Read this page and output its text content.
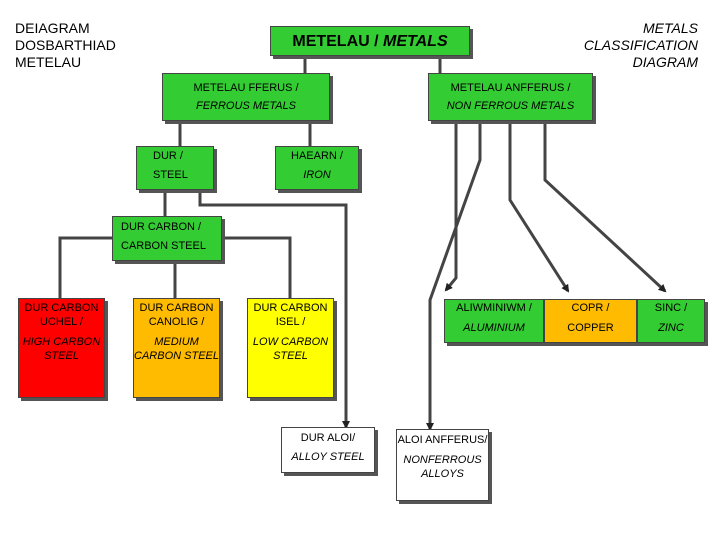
DEIAGRAM
DOSBARTHIAD
METELAU
METALS
CLASSIFICATION
DIAGRAM
METELAU / METALS
METELAU FFERUS /
FERROUS METALS
METELAU ANFFERUS /
NON FERROUS METALS
DUR /
STEEL
HAEARN /
IRON
DUR CARBON /
CARBON STEEL
DUR CARBON UCHEL /
HIGH CARBON STEEL
DUR CARBON CANOLIG /
MEDIUM CARBON STEEL
DUR CARBON ISEL /
LOW CARBON STEEL
ALIWMINIWM /
ALUMINIUM
COPR /
COPPER
SINC /
ZINC
DUR ALOI/
ALLOY STEEL
ALOI ANFFERUS/
NONFERROUS ALLOYS
